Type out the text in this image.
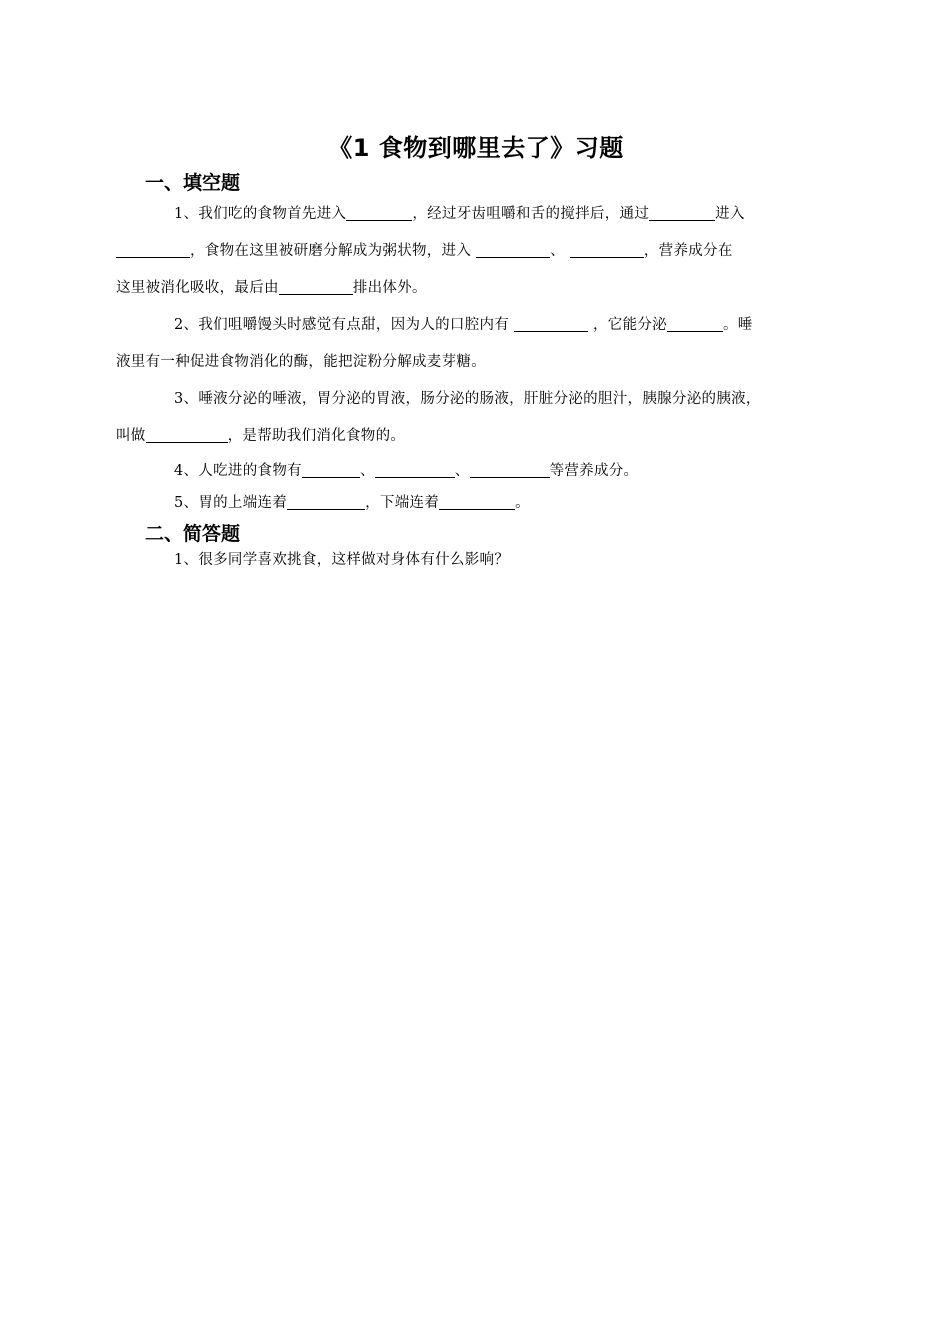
《1 食物到哪里去了》习题
一、填空题

1、我们吃的食物首先进入	，经过牙齿咀嚼和舌的搅拌后，通过	进入
，食物在这里被研磨分解成为粥状物，进入	、	，营养成分在
这里被消化吸收，最后由	排出体外。

2、我们咀嚼馒头时感觉有点甜，因为人的口腔内有	，它能分泌	。唾
液里有一种促进食物消化的酶，能把淀粉分解成麦芽糖。

3、唾液分泌的唾液，胃分泌的胃液，肠分泌的肠液，肝脏分泌的胆汁，胰腺分泌的胰液，
叫做	，是帮助我们消化食物的。

4、人吃进的食物有	、	、	等营养成分。

5、胃的上端连着	，下端连着	。

二、简答题

1、很多同学喜欢挑食，这样做对身体有什么影响？
